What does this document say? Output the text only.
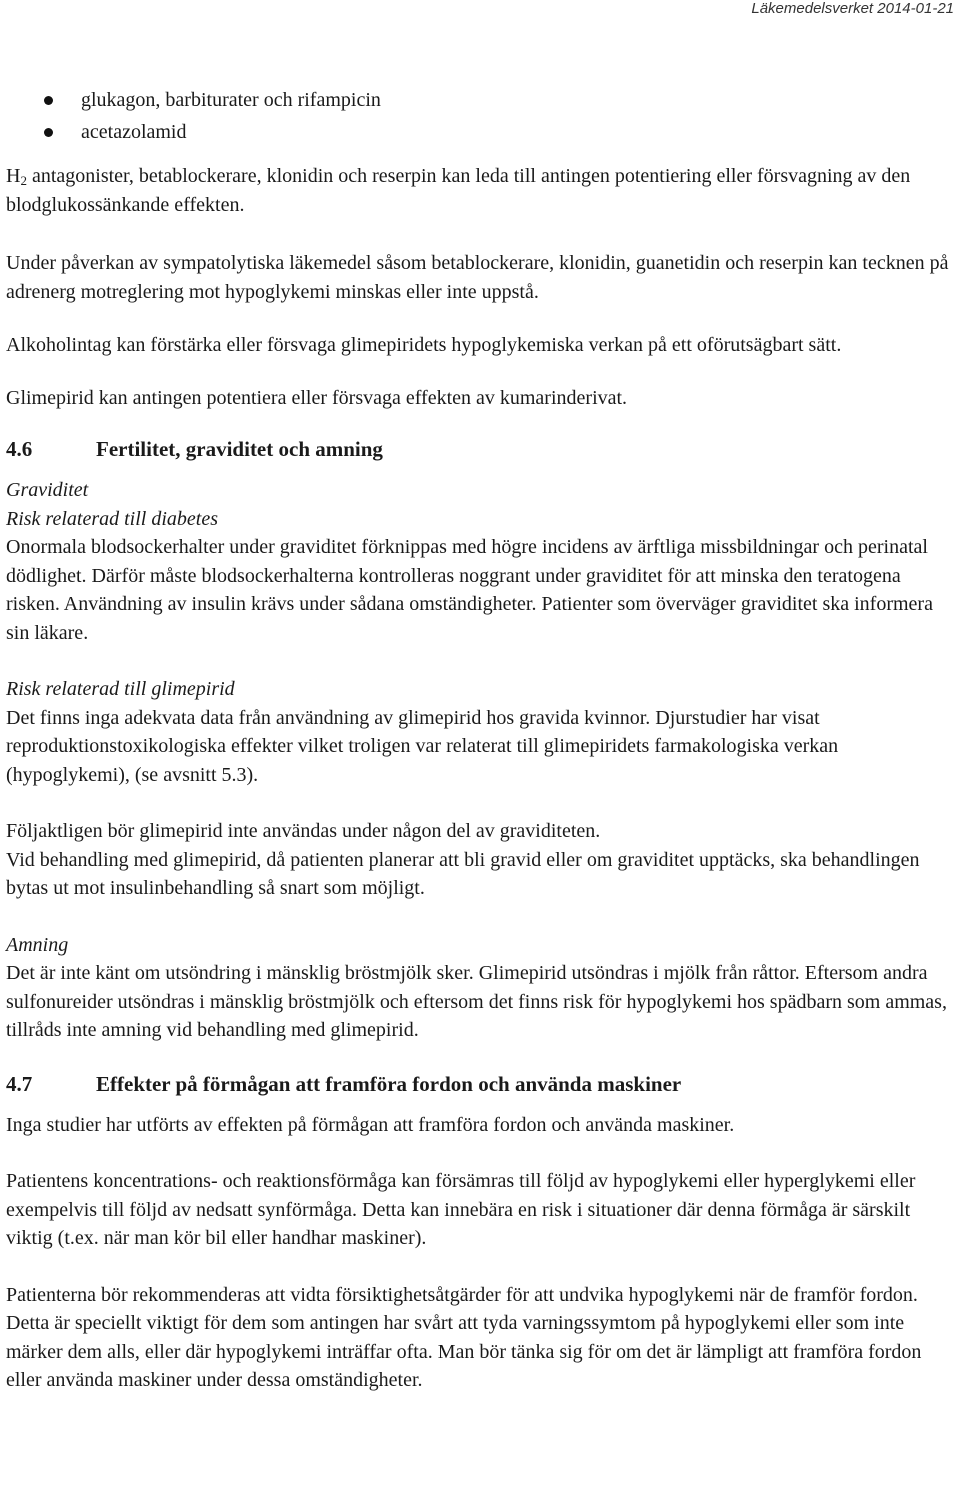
Läkemedelsverket 2014-01-21
glukagon, barbiturater och rifampicin
acetazolamid

$H_2$ antagonister, betablockerare, klonidin och reserpin kan leda till antingen potentiering eller försvagning av den blodglukossänkande effekten.

Under påverkan av sympatolytiska läkemedel såsom betablockerare, klonidin, guanetidin och reserpin kan tecknen på adrenerg motreglering mot hypoglykemi minskas eller inte uppstå.

Alkoholintag kan förstärka eller försvaga glimepiridets hypoglykemiska verkan på ett oförutsägbart sätt.

Glimepirid kan antingen potentiera eller försvaga effekten av kumarinderivat.

4.6	Fertilitet, graviditet och amning

Graviditet

Risk relaterad till diabetes

Onormala blodsockerhalter under graviditet förknippas med högre incidens av ärftliga missbildningar och perinatal dödlighet. Därför måste blodsockerhalterna kontrolleras noggrant under graviditet för att minska den teratogena risken. Användning av insulin krävs under sådana omständigheter. Patienter som överväger graviditet ska informera sin läkare.

Risk relaterad till glimepirid

Det finns inga adekvata data från användning av glimepirid hos gravida kvinnor. Djurstudier har visat reproduktionstoxikologiska effekter vilket troligen var relaterat till glimepiridets farmakologiska verkan (hypoglykemi), (se avsnitt 5.3).

Följaktligen bör glimepirid inte användas under någon del av graviditeten.

Vid behandling med glimepirid, då patienten planerar att bli gravid eller om graviditet upptäcks, ska behandlingen bytas ut mot insulinbehandling så snart som möjligt.

Amning

Det är inte känt om utsöndring i mänsklig bröstmjölk sker. Glimepirid utsöndras i mjölk från råttor. Eftersom andra sulfonureider utsöndras i mänsklig bröstmjölk och eftersom det finns risk för hypoglykemi hos spädbarn som ammas, tillråds inte amning vid behandling med glimepirid.

4.7	Effekter på förmågan att framföra fordon och använda maskiner

Inga studier har utförts av effekten på förmågan att framföra fordon och använda maskiner.

Patientens koncentrations- och reaktionsförmåga kan försämras till följd av hypoglykemi eller hyperglykemi eller exempelvis till följd av nedsatt synförmåga. Detta kan innebära en risk i situationer där denna förmåga är särskilt viktig (t.ex. när man kör bil eller handhar maskiner).

Patienterna bör rekommenderas att vidta försiktighetsåtgärder för att undvika hypoglykemi när de framför fordon. Detta är speciellt viktigt för dem som antingen har svårt att tyda varningssymtom på hypoglykemi eller som inte märker dem alls, eller där hypoglykemi inträffar ofta. Man bör tänka sig för om det är lämpligt att framföra fordon eller använda maskiner under dessa omständigheter.
